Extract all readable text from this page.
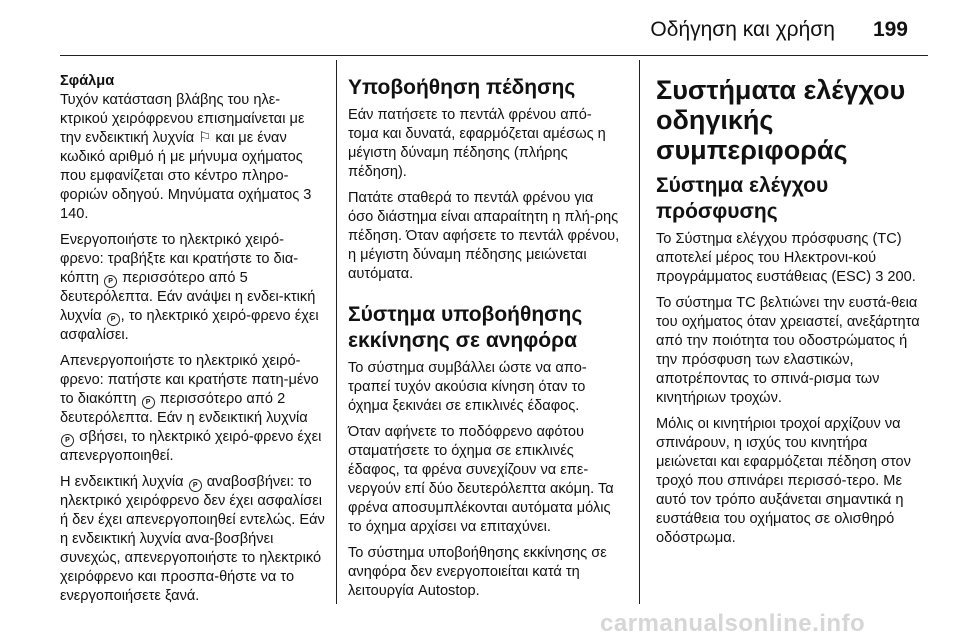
Οδήγηση και χρήση 199
Σφάλμα

Τυχόν κατάσταση βλάβης του ηλε-κτρικού χειρόφρενου επισημαίνεται με την ενδεικτική λυχνία ⚐ και με έναν κωδικό αριθμό ή με μήνυμα οχήματος που εμφανίζεται στο κέντρο πληρο-φοριών οδηγού. Μηνύματα οχήματος 3 140.

Ενεργοποιήστε το ηλεκτρικό χειρό-φρενο: τραβήξτε και κρατήστε το δια-κόπτη P περισσότερο από 5 δευτερόλεπτα. Εάν ανάψει η ενδει-κτική λυχνία P , το ηλεκτρικό χειρό-φρενο έχει ασφαλίσει.

Απενεργοποιήστε το ηλεκτρικό χειρό-φρενο: πατήστε και κρατήστε πατη-μένο το διακόπτη P περισσότερο από 2 δευτερόλεπτα. Εάν η ενδεικτική λυχνία P σβήσει, το ηλεκτρικό χειρό-φρενο έχει απενεργοποιηθεί.

Η ενδεικτική λυχνία P αναβοσβήνει: το ηλεκτρικό χειρόφρενο δεν έχει ασφαλίσει ή δεν έχει απενεργοποιηθεί εντελώς. Εάν η ενδεικτική λυχνία ανα-βοσβήνει συνεχώς, απενεργοποιήστε το ηλεκτρικό χειρόφρενο και προσπα-θήστε να το ενεργοποιήσετε ξανά.

Υποβοήθηση πέδησης

Εάν πατήσετε το πεντάλ φρένου από-τομα και δυνατά, εφαρμόζεται αμέσως η μέγιστη δύναμη πέδησης (πλήρης πέδηση).

Πατάτε σταθερά το πεντάλ φρένου για όσο διάστημα είναι απαραίτητη η πλή-ρης πέδηση. Όταν αφήσετε το πεντάλ φρένου, η μέγιστη δύναμη πέδησης μειώνεται αυτόματα.

Σύστημα υποβοήθησης εκκίνησης σε ανηφόρα

Το σύστημα συμβάλλει ώστε να απο-τραπεί τυχόν ακούσια κίνηση όταν το όχημα ξεκινάει σε επικλινές έδαφος.

Όταν αφήνετε το ποδόφρενο αφότου σταματήσετε το όχημα σε επικλινές έδαφος, τα φρένα συνεχίζουν να επε-νεργούν επί δύο δευτερόλεπτα ακόμη. Τα φρένα αποσυμπλέκονται αυτόματα μόλις το όχημα αρχίσει να επιταχύνει.

Το σύστημα υποβοήθησης εκκίνησης σε ανηφόρα δεν ενεργοποιείται κατά τη λειτουργία Autostop.

Συστήματα ελέγχου οδηγικής συμπεριφοράς
Σύστημα ελέγχου πρόσφυσης

Το Σύστημα ελέγχου πρόσφυσης (TC) αποτελεί μέρος του Ηλεκτρονι-κού προγράμματος ευστάθειας (ESC) 3 200.

Το σύστημα TC βελτιώνει την ευστά-θεια του οχήματος όταν χρειαστεί, ανεξάρτητα από την ποιότητα του οδοστρώματος ή την πρόσφυση των ελαστικών, αποτρέποντας το σπινά-ρισμα των κινητήριων τροχών.

Μόλις οι κινητήριοι τροχοί αρχίζουν να σπινάρουν, η ισχύς του κινητήρα μειώνεται και εφαρμόζεται πέδηση στον τροχό που σπινάρει περισσό-τερο. Με αυτό τον τρόπο αυξάνεται σημαντικά η ευστάθεια του οχήματος σε ολισθηρό οδόστρωμα.

carmanualsonline.info
